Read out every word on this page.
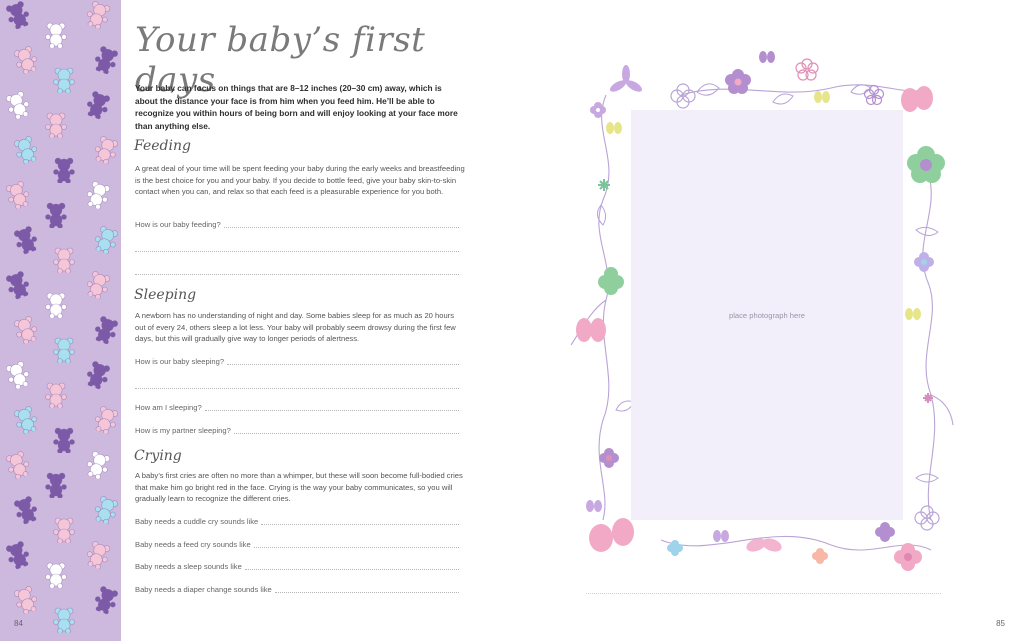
Your baby’s first days

Your baby can focus on things that are 8–12 inches (20–30 cm) away, which is about the distance your face is from him when you feed him. He’ll be able to recognize you within hours of being born and will enjoy looking at your face more than anything else.

Feeding

A great deal of your time will be spent feeding your baby during the early weeks and breastfeeding is the best choice for you and your baby. If you decide to bottle feed, give your baby skin-to-skin contact when you can, and relax so that each feed is a pleasurable experience for you both.

How is our baby feeding?
Sleeping

A newborn has no understanding of night and day. Some babies sleep for as much as 20 hours out of every 24, others sleep a lot less. Your baby will probably seem drowsy during the first few days, but this will gradually give way to longer periods of alertness.

How is our baby sleeping?
How am I sleeping?
How is my partner sleeping?
Crying

A baby’s first cries are often no more than a whimper, but these will soon become full-bodied cries that make him go bright red in the face. Crying is the way your baby communicates, so you will gradually learn to recognize the different cries.

Baby needs a cuddle cry sounds like
Baby needs a feed cry sounds like
Baby needs a sleep sounds like
Baby needs a diaper change sounds like
84
place photograph here
85
